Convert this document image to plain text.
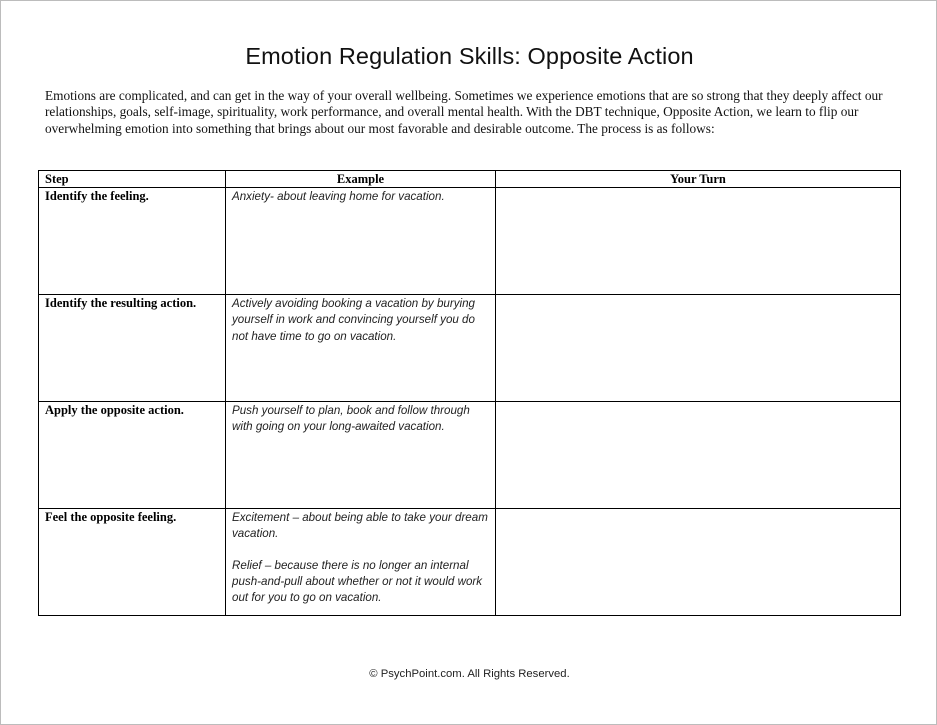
Emotion Regulation Skills: Opposite Action
Emotions are complicated, and can get in the way of your overall wellbeing. Sometimes we experience emotions that are so strong that they deeply affect our relationships, goals, self-image, spirituality, work performance, and overall mental health. With the DBT technique, Opposite Action, we learn to flip our overwhelming emotion into something that brings about our most favorable and desirable outcome. The process is as follows:
Step	Example	Your Turn

Identify the feeling.	Anxiety- about leaving home for vacation.	

Identify the resulting action.	Actively avoiding booking a vacation by burying yourself in work and convincing yourself you do not have time to go on vacation.	

Apply the opposite action.	Push yourself to plan, book and follow through with going on your long-awaited vacation.	

Feel the opposite feeling.	Excitement – about being able to take your dream vacation.

Relief – because there is no longer an internal push-and-pull about whether or not it would work out for you to go on vacation.	

© PsychPoint.com. All Rights Reserved.
